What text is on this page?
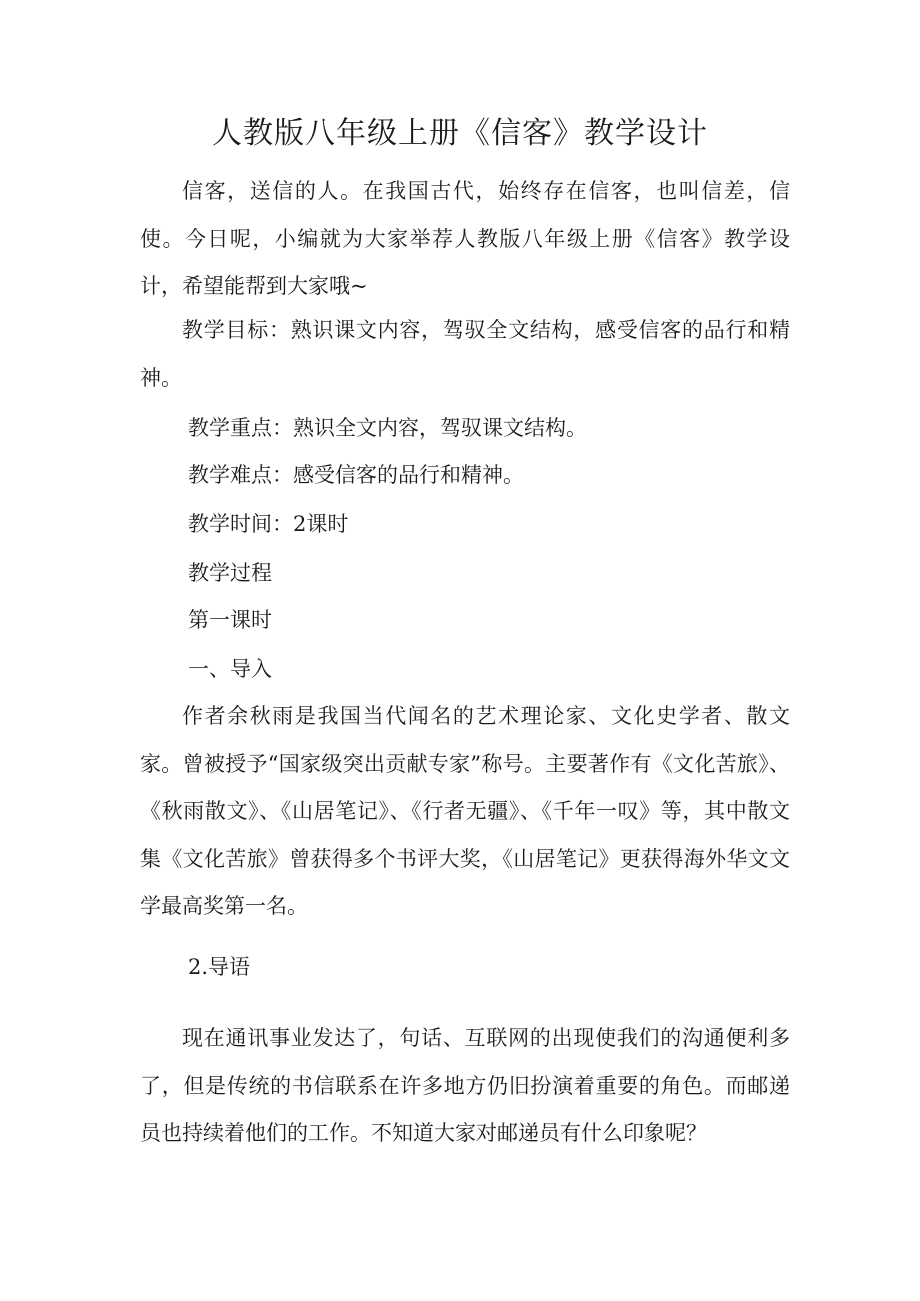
人教版八年级上册《信客》教学设计

信客，送信的人。在我国古代，始终存在信客，也叫信差，信使。今日呢，小编就为大家举荐人教版八年级上册《信客》教学设计，希望能帮到大家哦~

教学目标：熟识课文内容，驾驭全文结构，感受信客的品行和精神。

教学重点：熟识全文内容，驾驭课文结构。

教学难点：感受信客的品行和精神。

教学时间：2课时

教学过程

第一课时

一、导入

作者余秋雨是我国当代闻名的艺术理论家、文化史学者、散文家。曾被授予“国家级突出贡献专家”称号。主要著作有《文化苦旅》、《秋雨散文》、《山居笔记》、《行者无疆》、《千年一叹》等，其中散文集《文化苦旅》曾获得多个书评大奖，《山居笔记》更获得海外华文文学最高奖第一名。

2.导语

现在通讯事业发达了，句话、互联网的出现使我们的沟通便利多了，但是传统的书信联系在许多地方仍旧扮演着重要的角色。而邮递员也持续着他们的工作。不知道大家对邮递员有什么印象呢？
